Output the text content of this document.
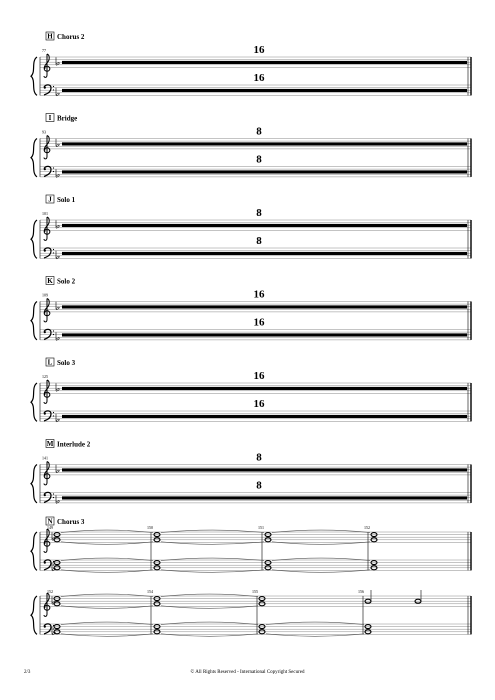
H Chorus 2
77	16
16
I Bridge
93	8
8
J Solo 1
101	8
8
K Solo 2
109	16
16
L Solo 3
125	16
16
M Interlude 2
141	8
8
N Chorus 3
149	150	151	152
152	154	155	156
2/3	© All Rights Reserved - International Copyright Secured
